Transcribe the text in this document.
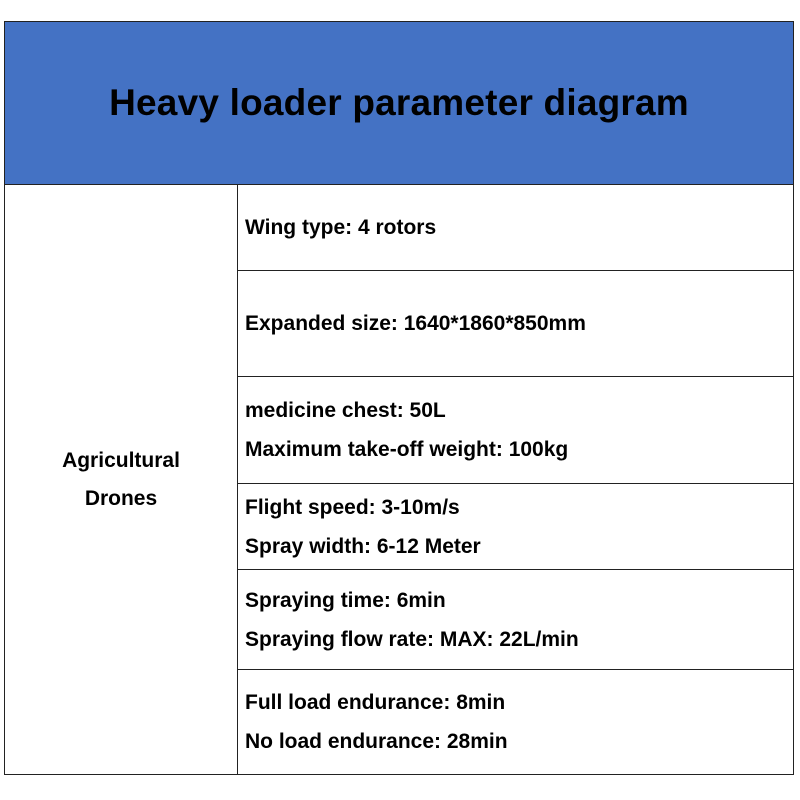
Heavy loader parameter diagram
Agricultural
Drones
Wing type: 4 rotors
Expanded size: 1640*1860*850mm
medicine chest: 50L
Maximum take-off weight: 100kg
Flight speed: 3-10m/s
Spray width: 6-12 Meter
Spraying time: 6min
Spraying flow rate: MAX: 22L/min
Full load endurance: 8min
No load endurance: 28min
